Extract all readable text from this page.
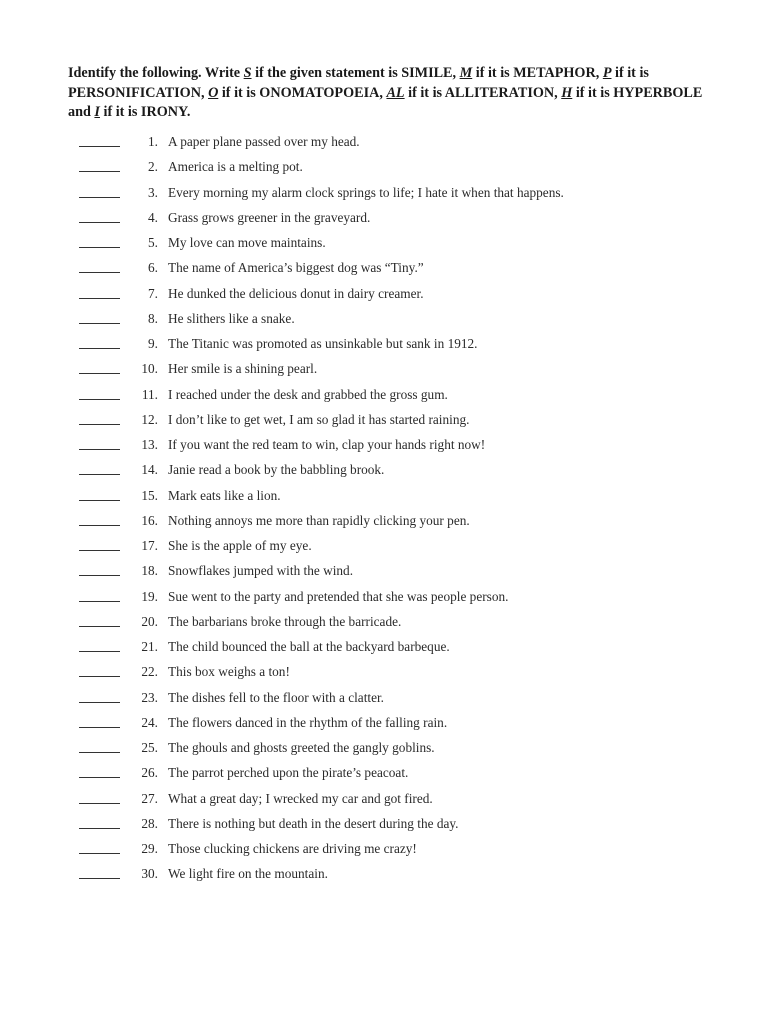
Identify the following. Write S if the given statement is SIMILE, M if it is METAPHOR, P if it is PERSONIFICATION, O if it is ONOMATOPOEIA, AL if it is ALLITERATION, H if it is HYPERBOLE and I if it is IRONY.

1. A paper plane passed over my head.
2. America is a melting pot.
3. Every morning my alarm clock springs to life; I hate it when that happens.
4. Grass grows greener in the graveyard.
5. My love can move maintains.
6. The name of America’s biggest dog was “Tiny.”
7. He dunked the delicious donut in dairy creamer.
8. He slithers like a snake.
9. The Titanic was promoted as unsinkable but sank in 1912.
10. Her smile is a shining pearl.
11. I reached under the desk and grabbed the gross gum.
12. I don’t like to get wet, I am so glad it has started raining.
13. If you want the red team to win, clap your hands right now!
14. Janie read a book by the babbling brook.
15. Mark eats like a lion.
16. Nothing annoys me more than rapidly clicking your pen.
17. She is the apple of my eye.
18. Snowflakes jumped with the wind.
19. Sue went to the party and pretended that she was people person.
20. The barbarians broke through the barricade.
21. The child bounced the ball at the backyard barbeque.
22. This box weighs a ton!
23. The dishes fell to the floor with a clatter.
24. The flowers danced in the rhythm of the falling rain.
25. The ghouls and ghosts greeted the gangly goblins.
26. The parrot perched upon the pirate’s peacoat.
27. What a great day; I wrecked my car and got fired.
28. There is nothing but death in the desert during the day.
29. Those clucking chickens are driving me crazy!
30. We light fire on the mountain.
